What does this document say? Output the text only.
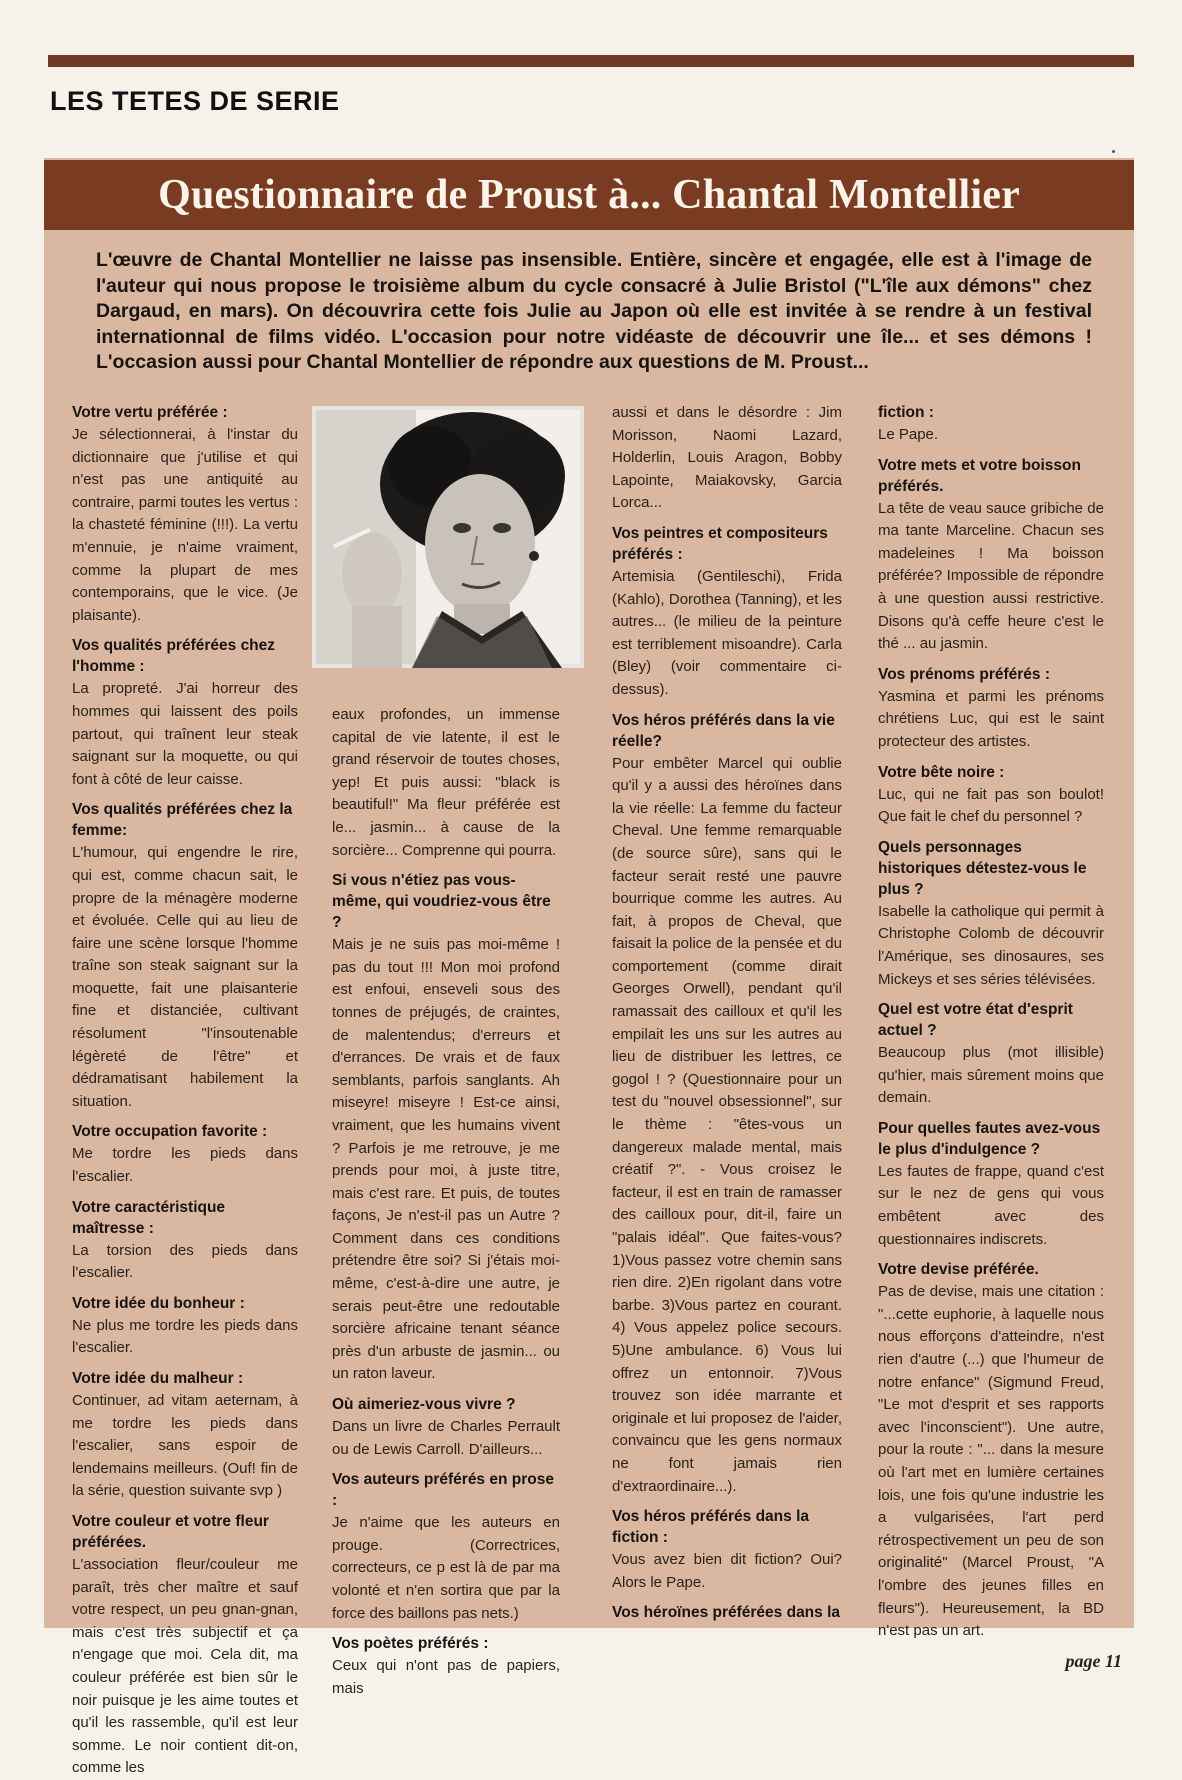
LES TETES DE SERIE
Questionnaire de Proust à... Chantal Montellier
L'œuvre de Chantal Montellier ne laisse pas insensible. Entière, sincère et engagée, elle est à l'image de l'auteur qui nous propose le troisième album du cycle consacré à Julie Bristol ("L'île aux démons" chez Dargaud, en mars). On découvrira cette fois Julie au Japon où elle est invitée à se rendre à un festival internationnal de films vidéo. L'occasion pour notre vidéaste de découvrir une île... et ses démons ! L'occasion aussi pour Chantal Montellier de répondre aux questions de M. Proust...
Votre vertu préférée :

Je sélectionnerai, à l'instar du dictionnaire que j'utilise et qui n'est pas une antiquité au contraire, parmi toutes les vertus : la chasteté féminine (!!!). La vertu m'ennuie, je n'aime vraiment, comme la plupart de mes contemporains, que le vice. (Je plaisante).

Vos qualités préférées chez l'homme :

La propreté. J'ai horreur des hommes qui laissent des poils partout, qui traînent leur steak saignant sur la moquette, ou qui font à côté de leur caisse.

Vos qualités préférées chez la femme:

L'humour, qui engendre le rire, qui est, comme chacun sait, le propre de la ménagère moderne et évoluée. Celle qui au lieu de faire une scène lorsque l'homme traîne son steak saignant sur la moquette, fait une plaisanterie fine et distanciée, cultivant résolument "l'insoutenable légèreté de l'être" et dédramatisant habilement la situation.

Votre occupation favorite :

Me tordre les pieds dans l'escalier.

Votre caractéristique maîtresse :

La torsion des pieds dans l'escalier.

Votre idée du bonheur :

Ne plus me tordre les pieds dans l'escalier.

Votre idée du malheur :

Continuer, ad vitam aeternam, à me tordre les pieds dans l'escalier, sans espoir de lendemains meilleurs. (Ouf! fin de la série, question suivante svp )

Votre couleur et votre fleur préférées.

L'association fleur/couleur me paraît, très cher maître et sauf votre respect, un peu gnan-gnan, mais c'est très subjectif et ça n'engage que moi. Cela dit, ma couleur préférée est bien sûr le noir puisque je les aime toutes et qu'il les rassemble, qu'il est leur somme. Le noir contient dit-on, comme les

eaux profondes, un immense capital de vie latente, il est le grand réservoir de toutes choses, yep! Et puis aussi: "black is beautiful!" Ma fleur préférée est le... jasmin... à cause de la sorcière... Comprenne qui pourra.

Si vous n'étiez pas vous-même, qui voudriez-vous être ?

Mais je ne suis pas moi-même ! pas du tout !!! Mon moi profond est enfoui, enseveli sous des tonnes de préjugés, de craintes, de malentendus; d'erreurs et d'errances. De vrais et de faux semblants, parfois sanglants. Ah miseyre! miseyre ! Est-ce ainsi, vraiment, que les humains vivent ? Parfois je me retrouve, je me prends pour moi, à juste titre, mais c'est rare. Et puis, de toutes façons, Je n'est-il pas un Autre ? Comment dans ces conditions prétendre être soi? Si j'étais moi-même, c'est-à-dire une autre, je serais peut-être une redoutable sorcière africaine tenant séance près d'un arbuste de jasmin... ou un raton laveur.

Où aimeriez-vous vivre ?

Dans un livre de Charles Perrault ou de Lewis Carroll. D'ailleurs...

Vos auteurs préférés en prose :

Je n'aime que les auteurs en prouge. (Correctrices, correcteurs, ce p est là de par ma volonté et n'en sortira que par la force des baillons pas nets.)

Vos poètes préférés :

Ceux qui n'ont pas de papiers, mais

aussi et dans le désordre : Jim Morisson, Naomi Lazard, Holderlin, Louis Aragon, Bobby Lapointe, Maiakovsky, Garcia Lorca...

Vos peintres et compositeurs préférés :

Artemisia (Gentileschi), Frida (Kahlo), Dorothea (Tanning), et les autres... (le milieu de la peinture est terriblement misoandre). Carla (Bley) (voir commentaire ci-dessus).

Vos héros préférés dans la vie réelle?

Pour embêter Marcel qui oublie qu'il y a aussi des héroïnes dans la vie réelle: La femme du facteur Cheval. Une femme remarquable (de source sûre), sans qui le facteur serait resté une pauvre bourrique comme les autres. Au fait, à propos de Cheval, que faisait la police de la pensée et du comportement (comme dirait Georges Orwell), pendant qu'il ramassait des cailloux et qu'il les empilait les uns sur les autres au lieu de distribuer les lettres, ce gogol ! ? (Questionnaire pour un test du "nouvel obsessionnel", sur le thème : "êtes-vous un dangereux malade mental, mais créatif ?". - Vous croisez le facteur, il est en train de ramasser des cailloux pour, dit-il, faire un "palais idéal". Que faites-vous? 1)Vous passez votre chemin sans rien dire. 2)En rigolant dans votre barbe. 3)Vous partez en courant. 4) Vous appelez police secours. 5)Une ambulance. 6) Vous lui offrez un entonnoir. 7)Vous trouvez son idée marrante et originale et lui proposez de l'aider, convaincu que les gens normaux ne font jamais rien d'extraordinaire...).

Vos héros préférés dans la fiction :

Vous avez bien dit fiction? Oui? Alors le Pape.

Vos héroïnes préférées dans la
fiction :

Le Pape.

Votre mets et votre boisson préférés.

La tête de veau sauce gribiche de ma tante Marceline. Chacun ses madeleines ! Ma boisson préférée? Impossible de répondre à une question aussi restrictive. Disons qu'à ceffe heure c'est le thé ... au jasmin.

Vos prénoms préférés :

Yasmina et parmi les prénoms chrétiens Luc, qui est le saint protecteur des artistes.

Votre bête noire :

Luc, qui ne fait pas son boulot! Que fait le chef du personnel ?

Quels personnages historiques détestez-vous le plus ?

Isabelle la catholique qui permit à Christophe Colomb de découvrir l'Amérique, ses dinosaures, ses Mickeys et ses séries télévisées.

Quel est votre état d'esprit actuel ?

Beaucoup plus (mot illisible) qu'hier, mais sûrement moins que demain.

Pour quelles fautes avez-vous le plus d'indulgence ?

Les fautes de frappe, quand c'est sur le nez de gens qui vous embêtent avec des questionnaires indiscrets.

Votre devise préférée.

Pas de devise, mais une citation : "...cette euphorie, à laquelle nous nous efforçons d'atteindre, n'est rien d'autre (...) que l'humeur de notre enfance" (Sigmund Freud, "Le mot d'esprit et ses rapports avec l'inconscient"). Une autre, pour la route : "... dans la mesure où l'art met en lumière certaines lois, une fois qu'une industrie les a vulgarisées, l'art perd rétrospectivement un peu de son originalité" (Marcel Proust, "A l'ombre des jeunes filles en fleurs"). Heureusement, la BD n'est pas un art.

page 11
